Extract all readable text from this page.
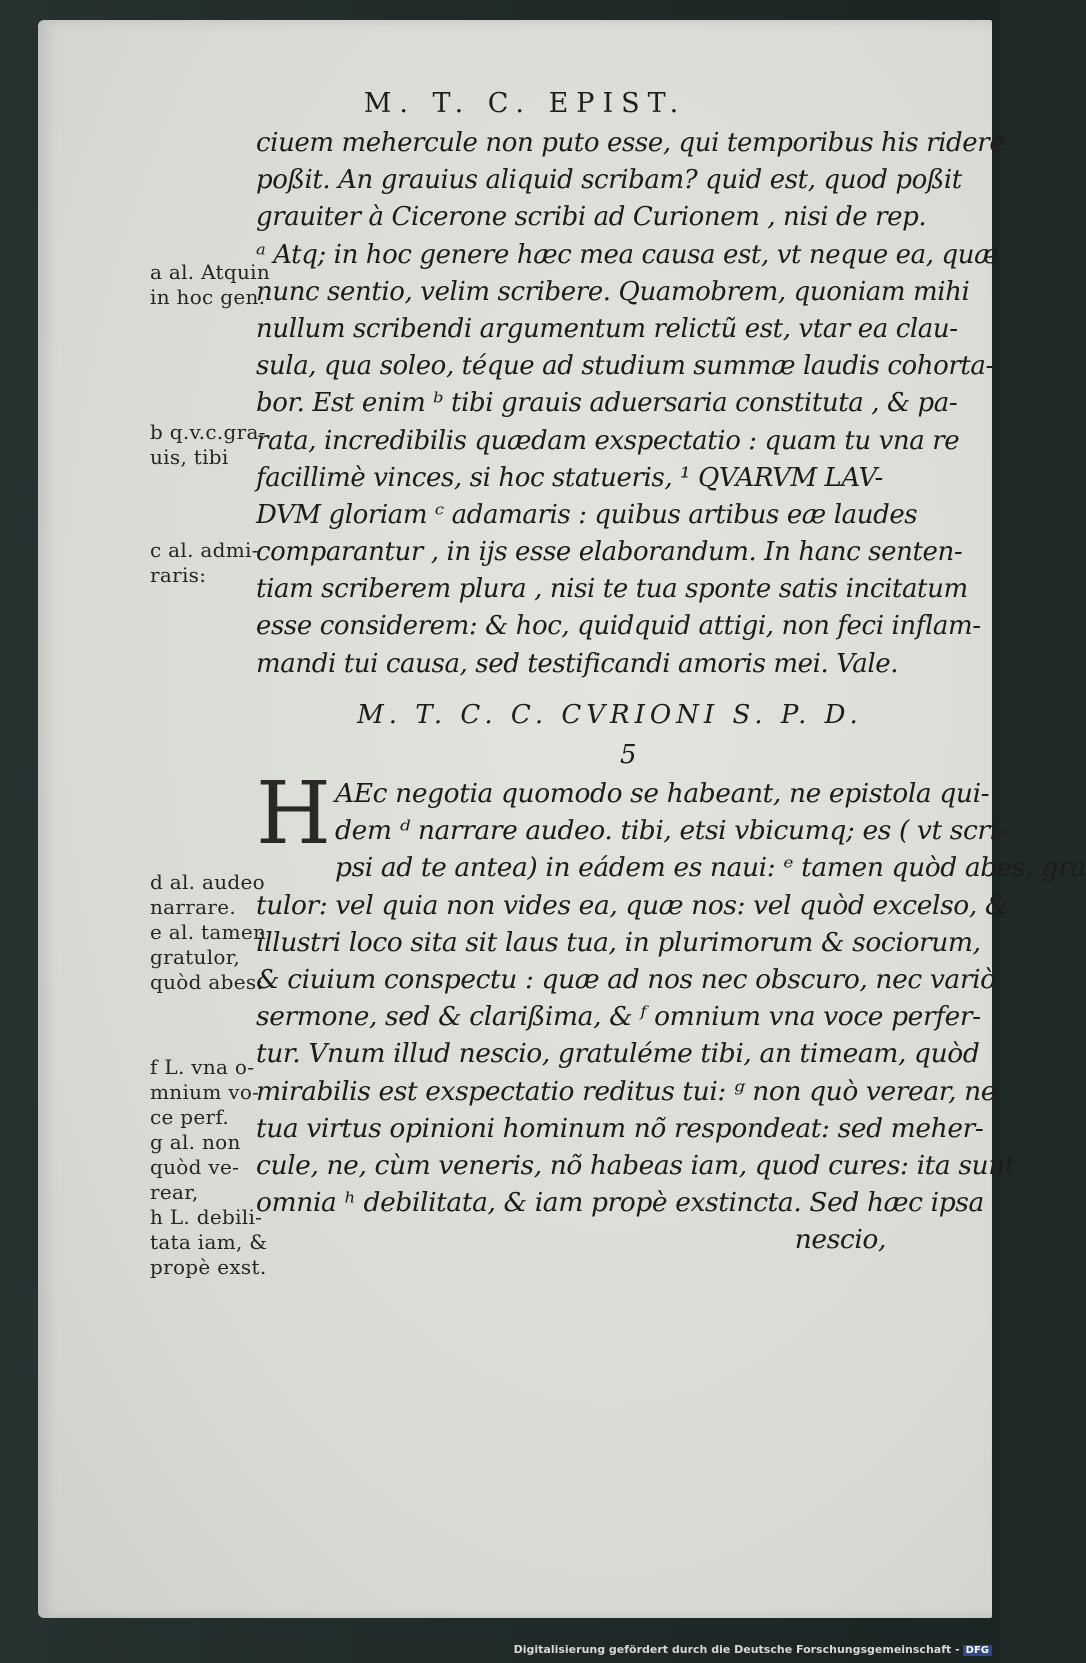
M. T. C. EPIST.
ciuem mehercule non puto esse, qui temporibus his ridere
poßit. An grauius aliquid scribam? quid est, quod poßit
grauiter à Cicerone scribi ad Curionem , nisi de rep.
ᵃ Atq; in hoc genere hæc mea causa est, vt neque ea, quæ
nunc sentio, velim scribere. Quamobrem, quoniam mihi
nullum scribendi argumentum relictũ est, vtar ea clau-
sula, qua soleo, téque ad studium summæ laudis cohorta-
bor. Est enim ᵇ tibi grauis aduersaria constituta , & pa-
rata, incredibilis quædam exspectatio : quam tu vna re
facillimè vinces, si hoc statueris, ¹ QVARVM LAV-
DVM gloriam ᶜ adamaris : quibus artibus eæ laudes
comparantur , in ijs esse elaborandum. In hanc senten-
tiam scriberem plura , nisi te tua sponte satis incitatum
esse considerem: & hoc, quidquid attigi, non feci inflam-
mandi tui causa, sed testificandi amoris mei. Vale.
M. T. C. C. CVRIONI S. P. D.
5
H AEc negotia quomodo se habeant, ne epistola qui-
dem ᵈ narrare audeo. tibi, etsi vbicumq; es ( vt scri-
psi ad te antea) in eádem es naui: ᵉ tamen quòd abes, gra
tulor: vel quia non vides ea, quæ nos: vel quòd excelso, &
illustri loco sita sit laus tua, in plurimorum & sociorum,
& ciuium conspectu : quæ ad nos nec obscuro, nec variò
sermone, sed & clarißima, & ᶠ omnium vna voce perfer-
tur. Vnum illud nescio, gratuléme tibi, an timeam, quòd
mirabilis est exspectatio reditus tui: ᵍ non quò verear, ne
tua virtus opinioni hominum nõ respondeat: sed meher-
cule, ne, cùm veneris, nõ habeas iam, quod cures: ita sunt
omnia ʰ debilitata, & iam propè exstincta. Sed hæc ipsa
nescio,
a al. Atquin
in hoc gen.
b q.v.c.gra-
uis, tibi
c al. admi-
raris:
d al. audeo
narrare.
e al. tamen
gratulor,
quòd abes:
f L. vna o-
mnium vo-
ce perf.
g al. non
quòd ve-
rear,
h L. debili-
tata iam, &
propè exst.
Digitalisierung gefördert durch die Deutsche Forschungsgemeinschaft - DFG
